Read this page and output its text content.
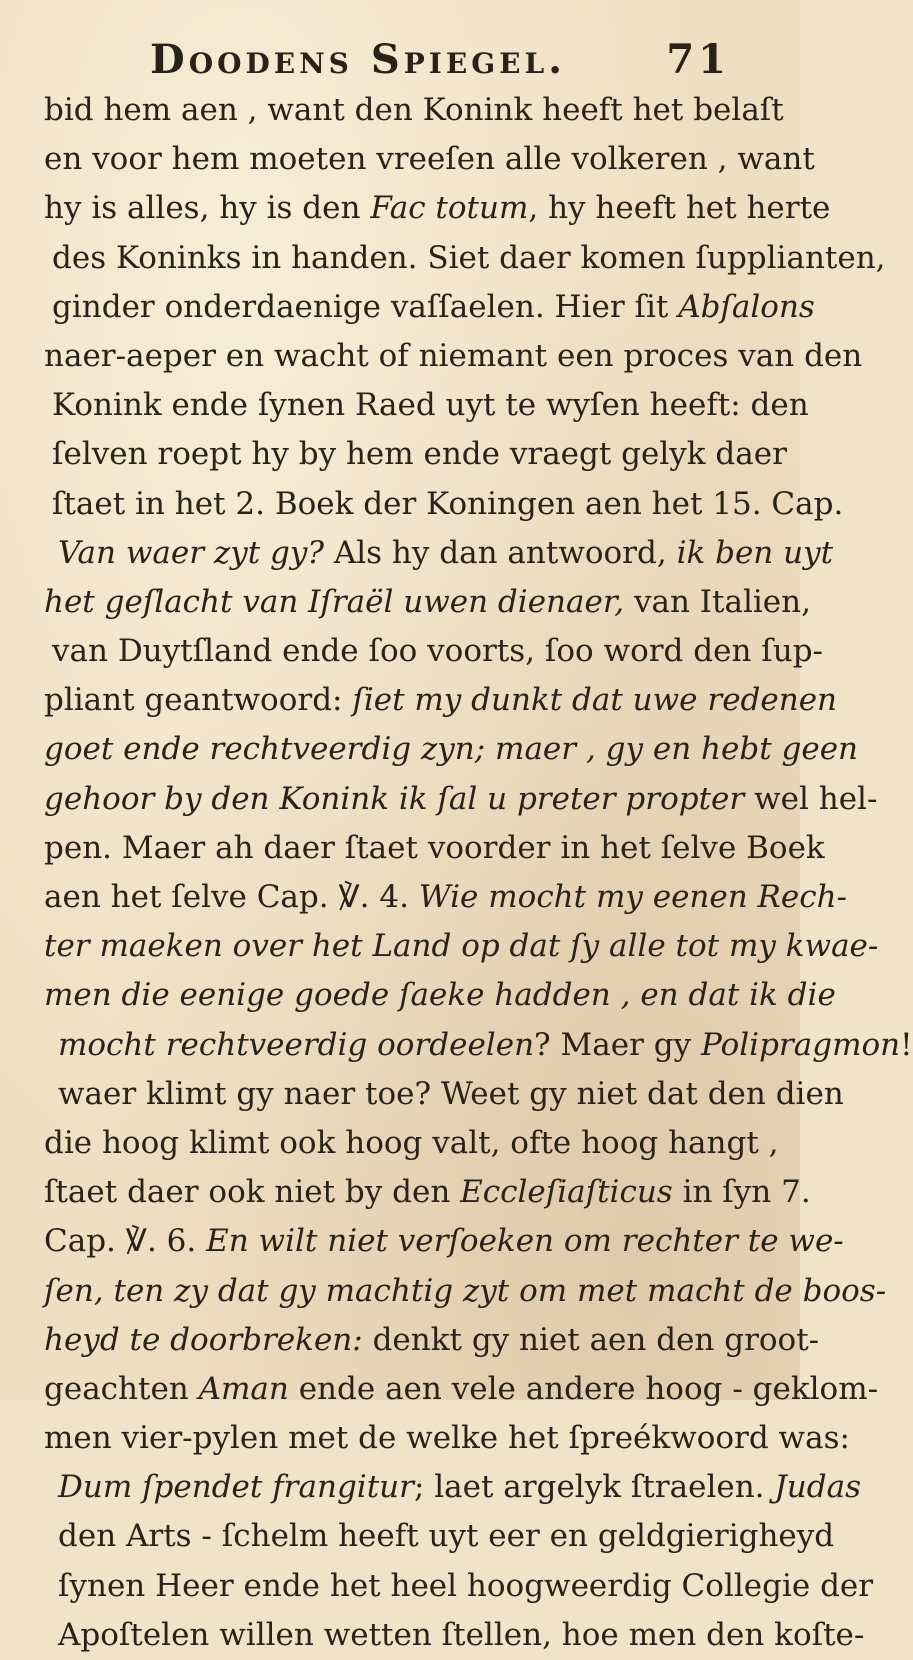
Doodens Spiegel.	71
bid hem aen , want den Konink heeft het belaſt
en voor hem moeten vreeſen alle volkeren , want
hy is alles, hy is den Fac totum, hy heeft het herte
des Koninks in handen. Siet daer komen ſupplianten,
ginder onderdaenige vaſſaelen. Hier ſit Abſalons
naer-aeper en wacht of niemant een proces van den
Konink ende ſynen Raed uyt te wyſen heeft: den
ſelven roept hy by hem ende vraegt gelyk daer
ſtaet in het 2. Boek der Koningen aen het 15. Cap.
Van waer zyt gy? Als hy dan antwoord, ik ben uyt
het geſlacht van Iſraël uwen dienaer, van Italien,
van Duytſland ende ſoo voorts, ſoo word den ſup-
pliant geantwoord: ſiet my dunkt dat uwe redenen
goet ende rechtveerdig zyn; maer , gy en hebt geen
gehoor by den Konink ik ſal u preter propter wel hel-
pen. Maer ah daer ſtaet voorder in het ſelve Boek
aen het ſelve Cap. ℣. 4. Wie mocht my eenen Rech-
ter maeken over het Land op dat ſy alle tot my kwae-
men die eenige goede ſaeke hadden , en dat ik die
mocht rechtveerdig oordeelen? Maer gy Polipragmon!
waer klimt gy naer toe? Weet gy niet dat den dien
die hoog klimt ook hoog valt, ofte hoog hangt ,
ſtaet daer ook niet by den Eccleſiaſticus in ſyn 7.
Cap. ℣. 6. En wilt niet verſoeken om rechter te we-
ſen, ten zy dat gy machtig zyt om met macht de boos-
heyd te doorbreken: denkt gy niet aen den groot-
geachten Aman ende aen vele andere hoog - geklom-
men vier-pylen met de welke het ſpreékwoord was:
Dum ſpendet frangitur; laet argelyk ſtraelen. Judas
den Arts - ſchelm heeft uyt eer en geldgierigheyd
ſynen Heer ende het heel hoogweerdig Collegie der
Apoſtelen willen wetten ſtellen, hoe men den koſte-
